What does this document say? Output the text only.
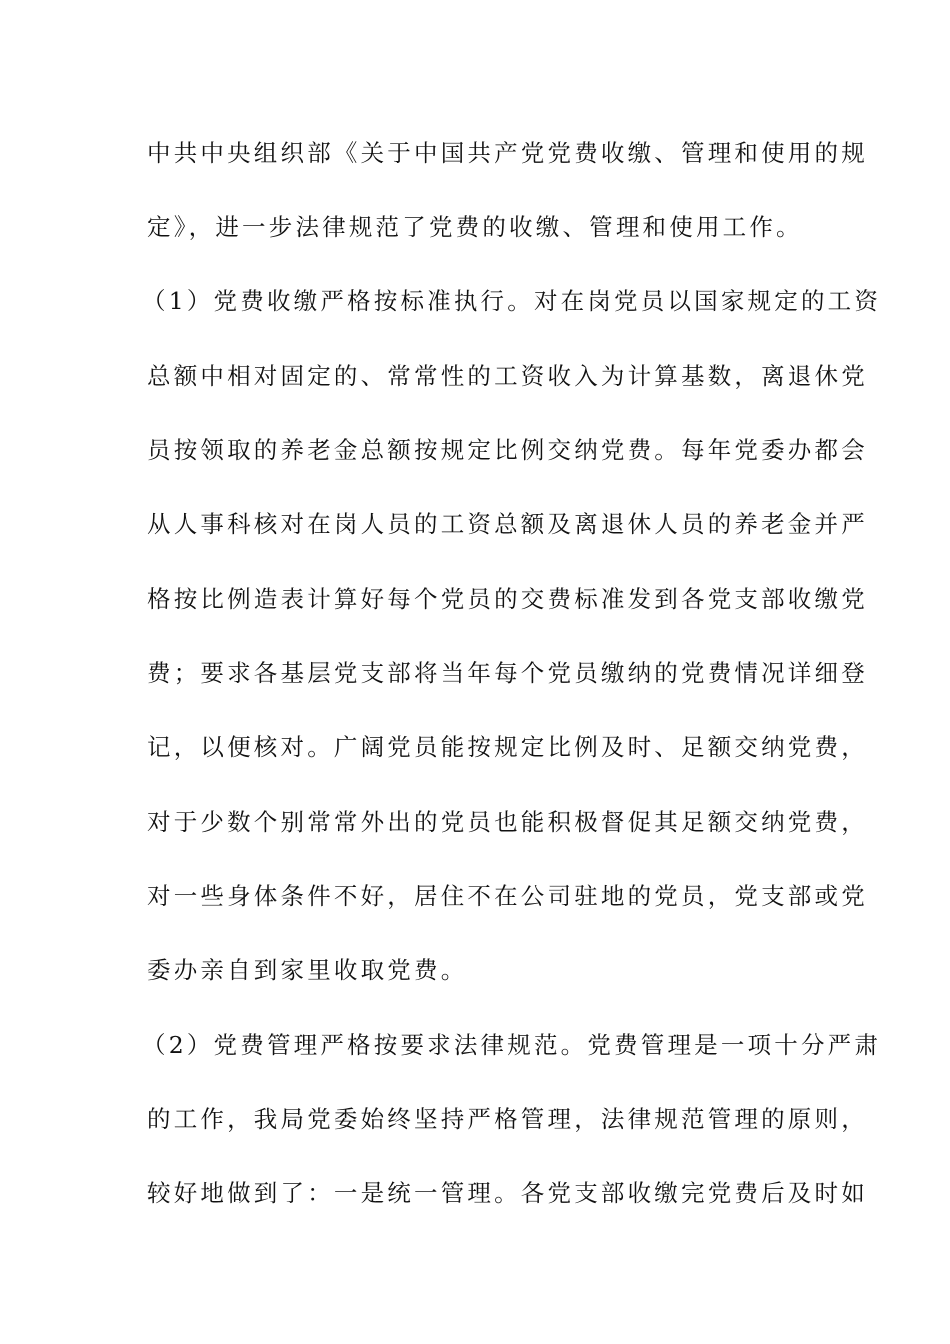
中共中央组织部《关于中国共产党党费收缴、管理和使用的规
定》，进一步法律规范了党费的收缴、管理和使用工作。
（1）党费收缴严格按标准执行。对在岗党员以国家规定的工资
总额中相对固定的、常常性的工资收入为计算基数，离退休党
员按领取的养老金总额按规定比例交纳党费。每年党委办都会
从人事科核对在岗人员的工资总额及离退休人员的养老金并严
格按比例造表计算好每个党员的交费标准发到各党支部收缴党
费；要求各基层党支部将当年每个党员缴纳的党费情况详细登
记，以便核对。广阔党员能按规定比例及时、足额交纳党费，
对于少数个别常常外出的党员也能积极督促其足额交纳党费，
对一些身体条件不好，居住不在公司驻地的党员，党支部或党
委办亲自到家里收取党费。
（2）党费管理严格按要求法律规范。党费管理是一项十分严肃
的工作，我局党委始终坚持严格管理，法律规范管理的原则，
较好地做到了：一是统一管理。各党支部收缴完党费后及时如
